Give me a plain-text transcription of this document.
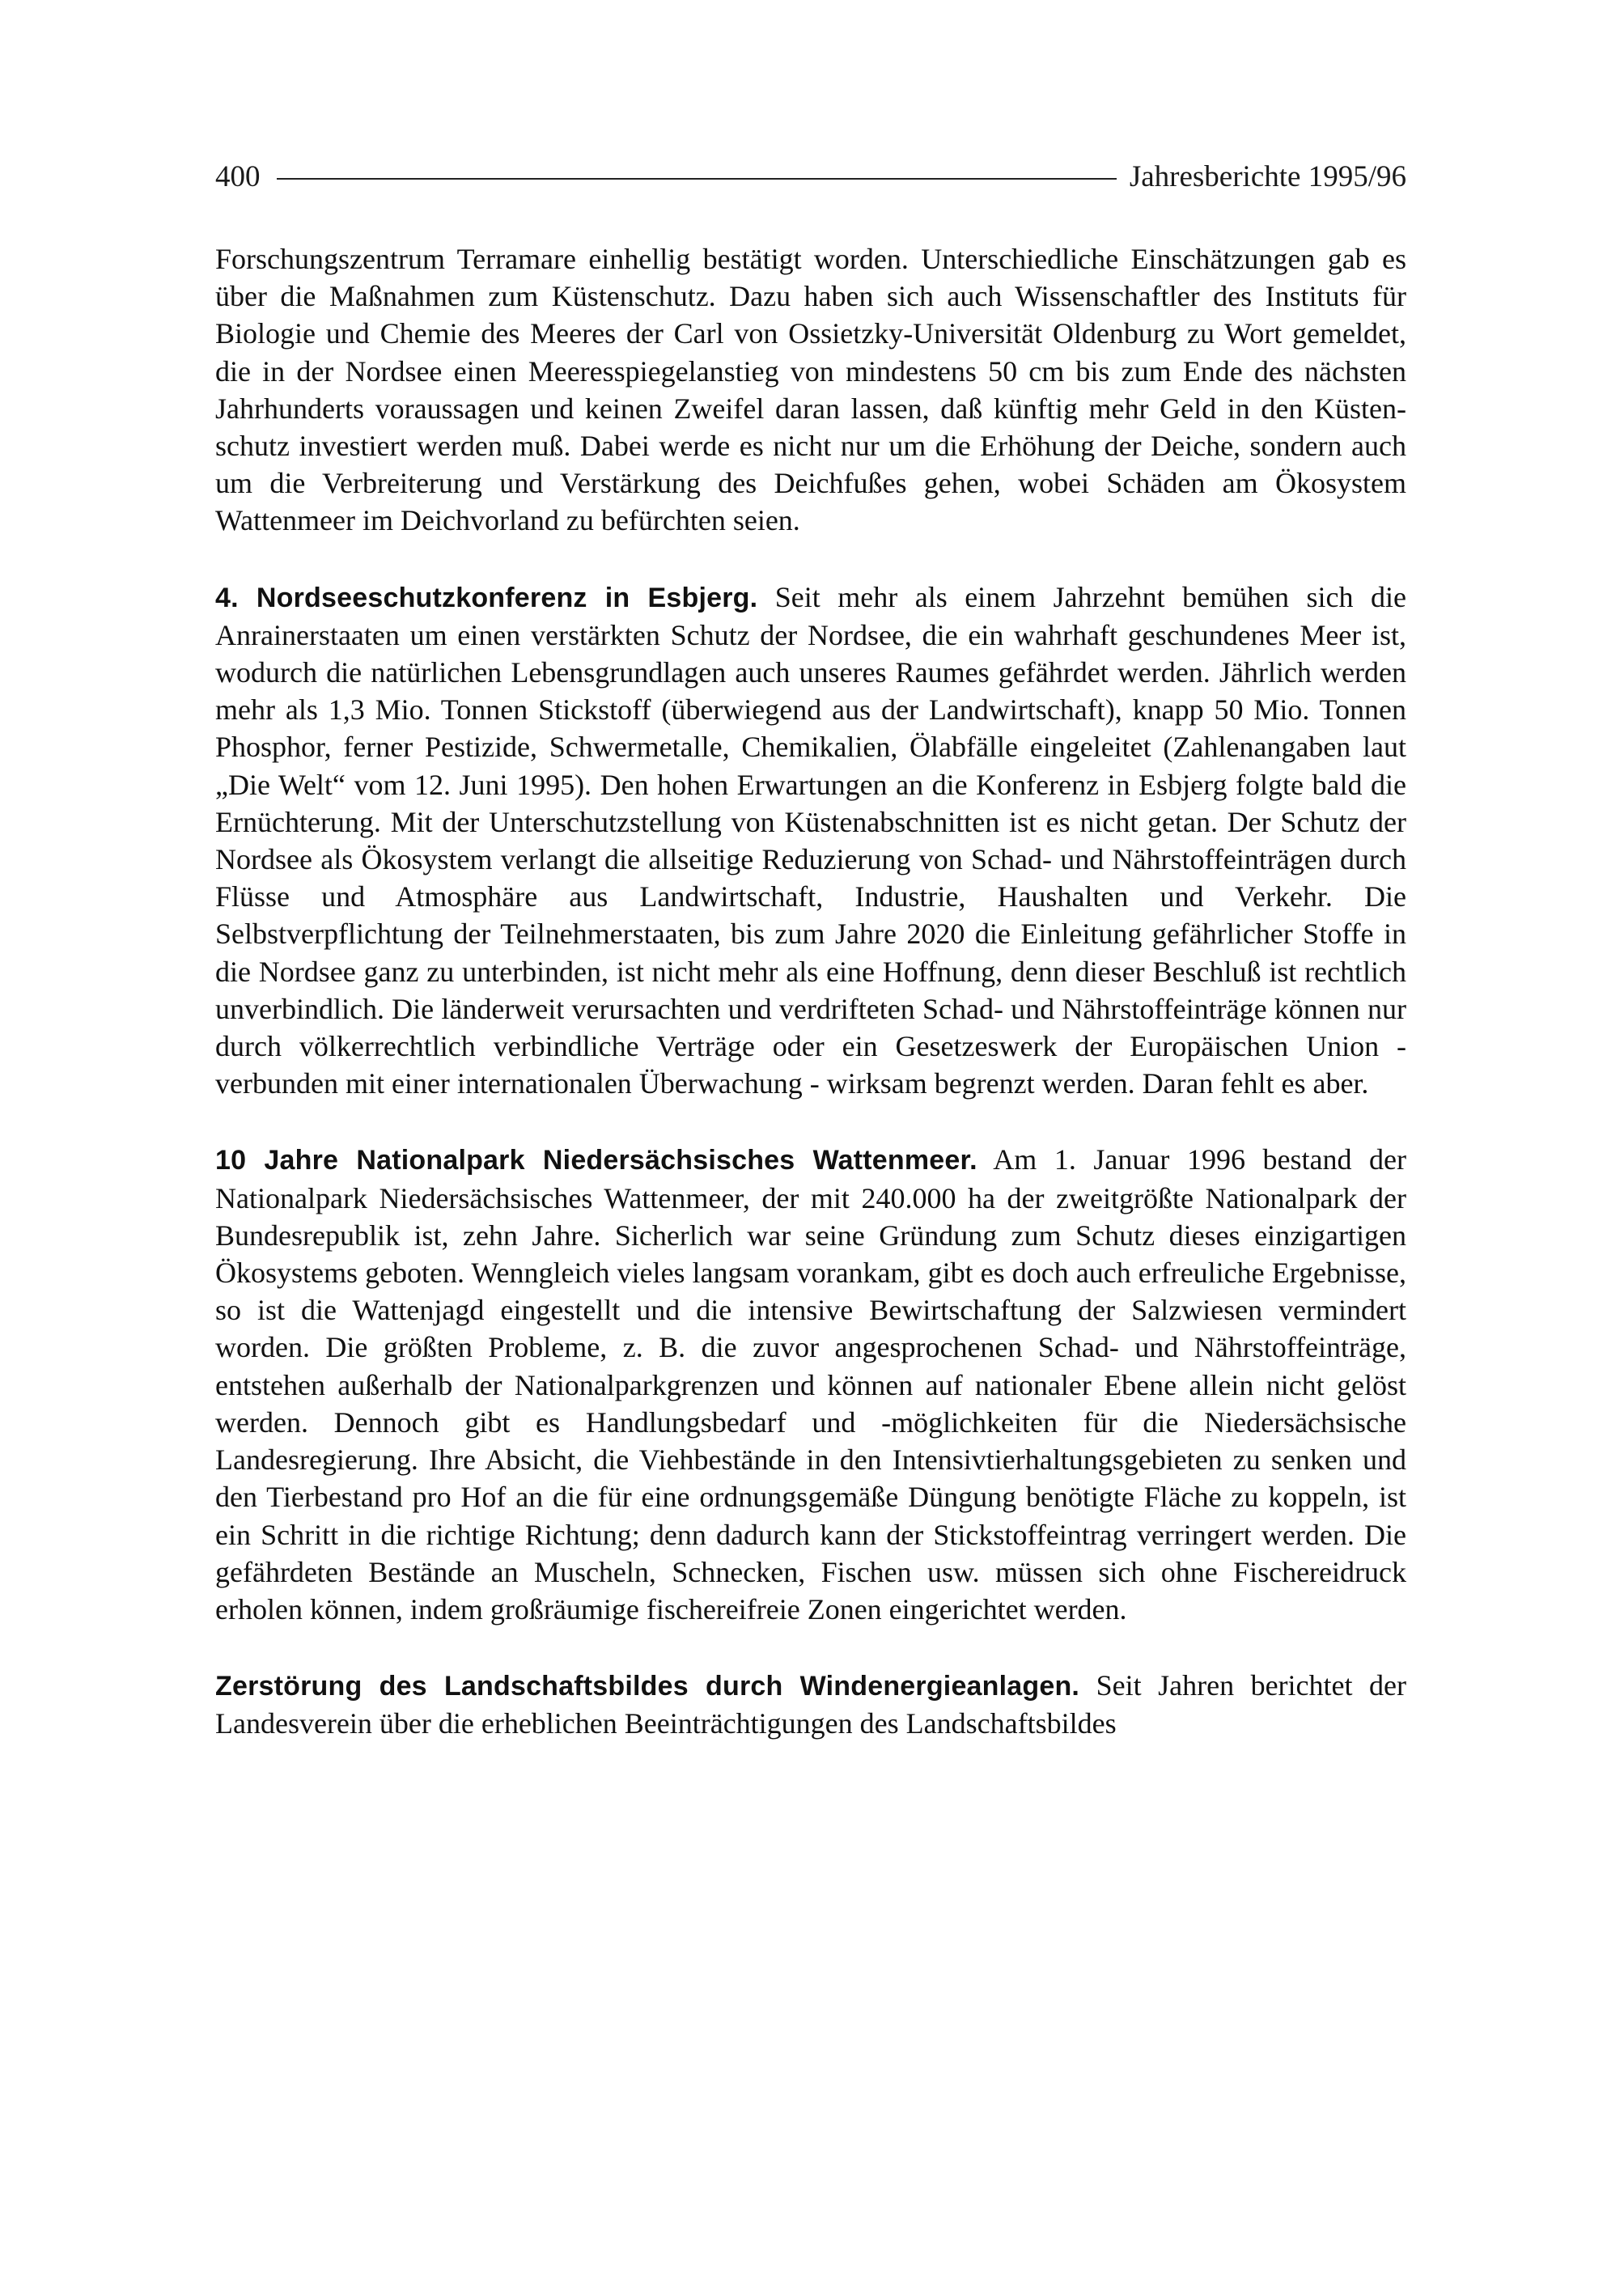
400	Jahresberichte 1995/96

Forschungszentrum Terramare einhellig bestätigt worden. Unterschiedliche Einschätzungen gab es über die Maßnahmen zum Küstenschutz. Dazu haben sich auch Wissenschaftler des Instituts für Biologie und Chemie des Meeres der Carl von Ossietzky-Universität Oldenburg zu Wort gemeldet, die in der Nordsee einen Meeresspiegelanstieg von mindestens 50 cm bis zum Ende des nächsten Jahrhunderts voraussagen und keinen Zweifel daran lassen, daß künftig mehr Geld in den Küstenschutz investiert werden muß. Dabei werde es nicht nur um die Erhöhung der Deiche, sondern auch um die Verbreiterung und Verstärkung des Deichfußes gehen, wobei Schäden am Ökosystem Wattenmeer im Deichvorland zu befürchten seien.

4. Nordseeschutzkonferenz in Esbjerg. Seit mehr als einem Jahrzehnt bemühen sich die Anrainerstaaten um einen verstärkten Schutz der Nordsee, die ein wahrhaft geschundenes Meer ist, wodurch die natürlichen Lebensgrundlagen auch unseres Raumes gefährdet werden. Jährlich werden mehr als 1,3 Mio. Tonnen Stickstoff (überwiegend aus der Landwirtschaft), knapp 50 Mio. Tonnen Phosphor, ferner Pestizide, Schwermetalle, Chemikalien, Ölabfälle eingeleitet (Zahlenangaben laut „Die Welt“ vom 12. Juni 1995). Den hohen Erwartungen an die Konferenz in Esbjerg folgte bald die Ernüchterung. Mit der Unterschutzstellung von Küstenabschnitten ist es nicht getan. Der Schutz der Nordsee als Ökosystem verlangt die allseitige Reduzierung von Schad- und Nährstoffeinträgen durch Flüsse und Atmosphäre aus Landwirtschaft, Industrie, Haushalten und Verkehr. Die Selbstverpflichtung der Teilnehmerstaaten, bis zum Jahre 2020 die Einleitung gefährlicher Stoffe in die Nordsee ganz zu unterbinden, ist nicht mehr als eine Hoffnung, denn dieser Beschluß ist rechtlich unverbindlich. Die länderweit verursachten und verdrifteten Schad- und Nährstoffeinträge können nur durch völkerrechtlich verbindliche Verträge oder ein Gesetzeswerk der Europäischen Union - verbunden mit einer internationalen Überwachung - wirksam begrenzt werden. Daran fehlt es aber.

10 Jahre Nationalpark Niedersächsisches Wattenmeer. Am 1. Januar 1996 bestand der Nationalpark Niedersächsisches Wattenmeer, der mit 240.000 ha der zweitgrößte Nationalpark der Bundesrepublik ist, zehn Jahre. Sicherlich war seine Gründung zum Schutz dieses einzigartigen Ökosystems geboten. Wenngleich vieles langsam vorankam, gibt es doch auch erfreuliche Ergebnisse, so ist die Wattenjagd eingestellt und die intensive Bewirtschaftung der Salzwiesen vermindert worden. Die größten Probleme, z. B. die zuvor angesprochenen Schad- und Nährstoffeinträge, entstehen außerhalb der Nationalparkgrenzen und können auf nationaler Ebene allein nicht gelöst werden. Dennoch gibt es Handlungsbedarf und -möglichkeiten für die Niedersächsische Landesregierung. Ihre Absicht, die Viehbestände in den Intensivtierhaltungsgebieten zu senken und den Tierbestand pro Hof an die für eine ordnungsgemäße Düngung benötigte Fläche zu koppeln, ist ein Schritt in die richtige Richtung; denn dadurch kann der Stickstoffeintrag verringert werden. Die gefährdeten Bestände an Muscheln, Schnecken, Fischen usw. müssen sich ohne Fischereidruck erholen können, indem großräumige fischereifreie Zonen eingerichtet werden.

Zerstörung des Landschaftsbildes durch Windenergieanlagen. Seit Jahren berichtet der Landesverein über die erheblichen Beeinträchtigungen des Landschaftsbildes
